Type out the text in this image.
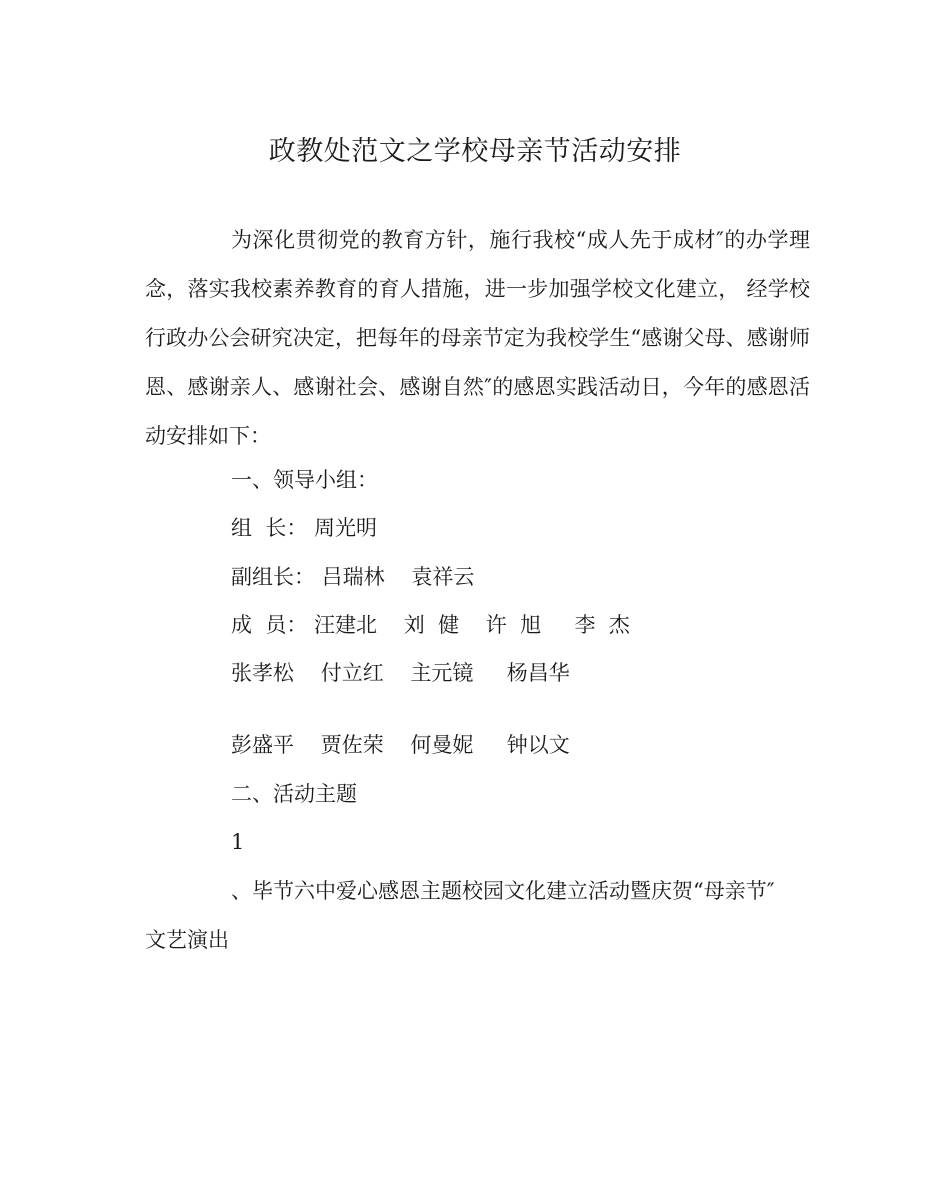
政教处范文之学校母亲节活动安排

为深化贯彻党的教育方针，施行我校“成人先于成材″的办学理念，落实我校素养教育的育人措施，进一步加强学校文化建立， 经学校行政办公会研究决定，把每年的母亲节定为我校学生“感谢父母、感谢师恩、感谢亲人、感谢社会、感谢自然″的感恩实践活动日，今年的感恩活动安排如下：

一、领导小组：
组  长： 周光明
副组长： 吕瑞林    袁祥云
成  员： 汪建北    刘  健    许  旭     李  杰
张孝松    付立红    主元镜     杨昌华
彭盛平    贾佐荣    何曼妮     钟以文
二、活动主题
1
、毕节六中爱心感恩主题校园文化建立活动暨庆贺“母亲节″
文艺演出
